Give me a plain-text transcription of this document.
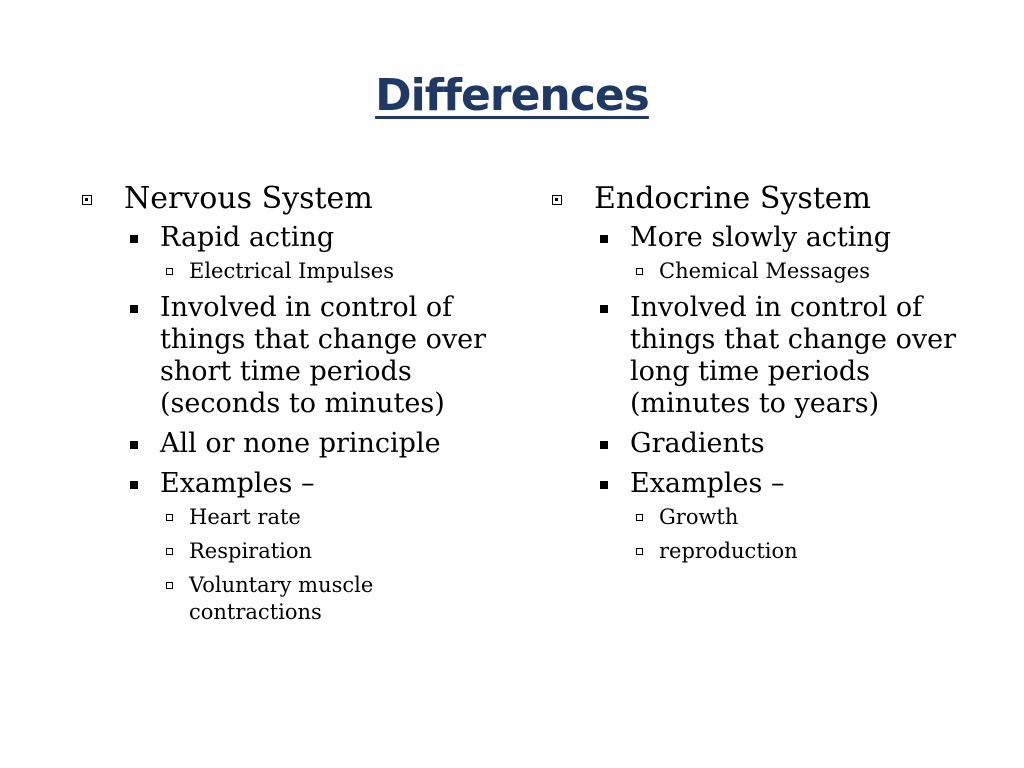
Differences
Nervous System
Rapid acting
Electrical Impulses
Involved in control of things that change over short time periods (seconds to minutes)
All or none principle
Examples –
Heart rate
Respiration
Voluntary muscle contractions
Endocrine System
More slowly acting
Chemical Messages
Involved in control of things that change over long time periods (minutes to years)
Gradients
Examples –
Growth
reproduction
